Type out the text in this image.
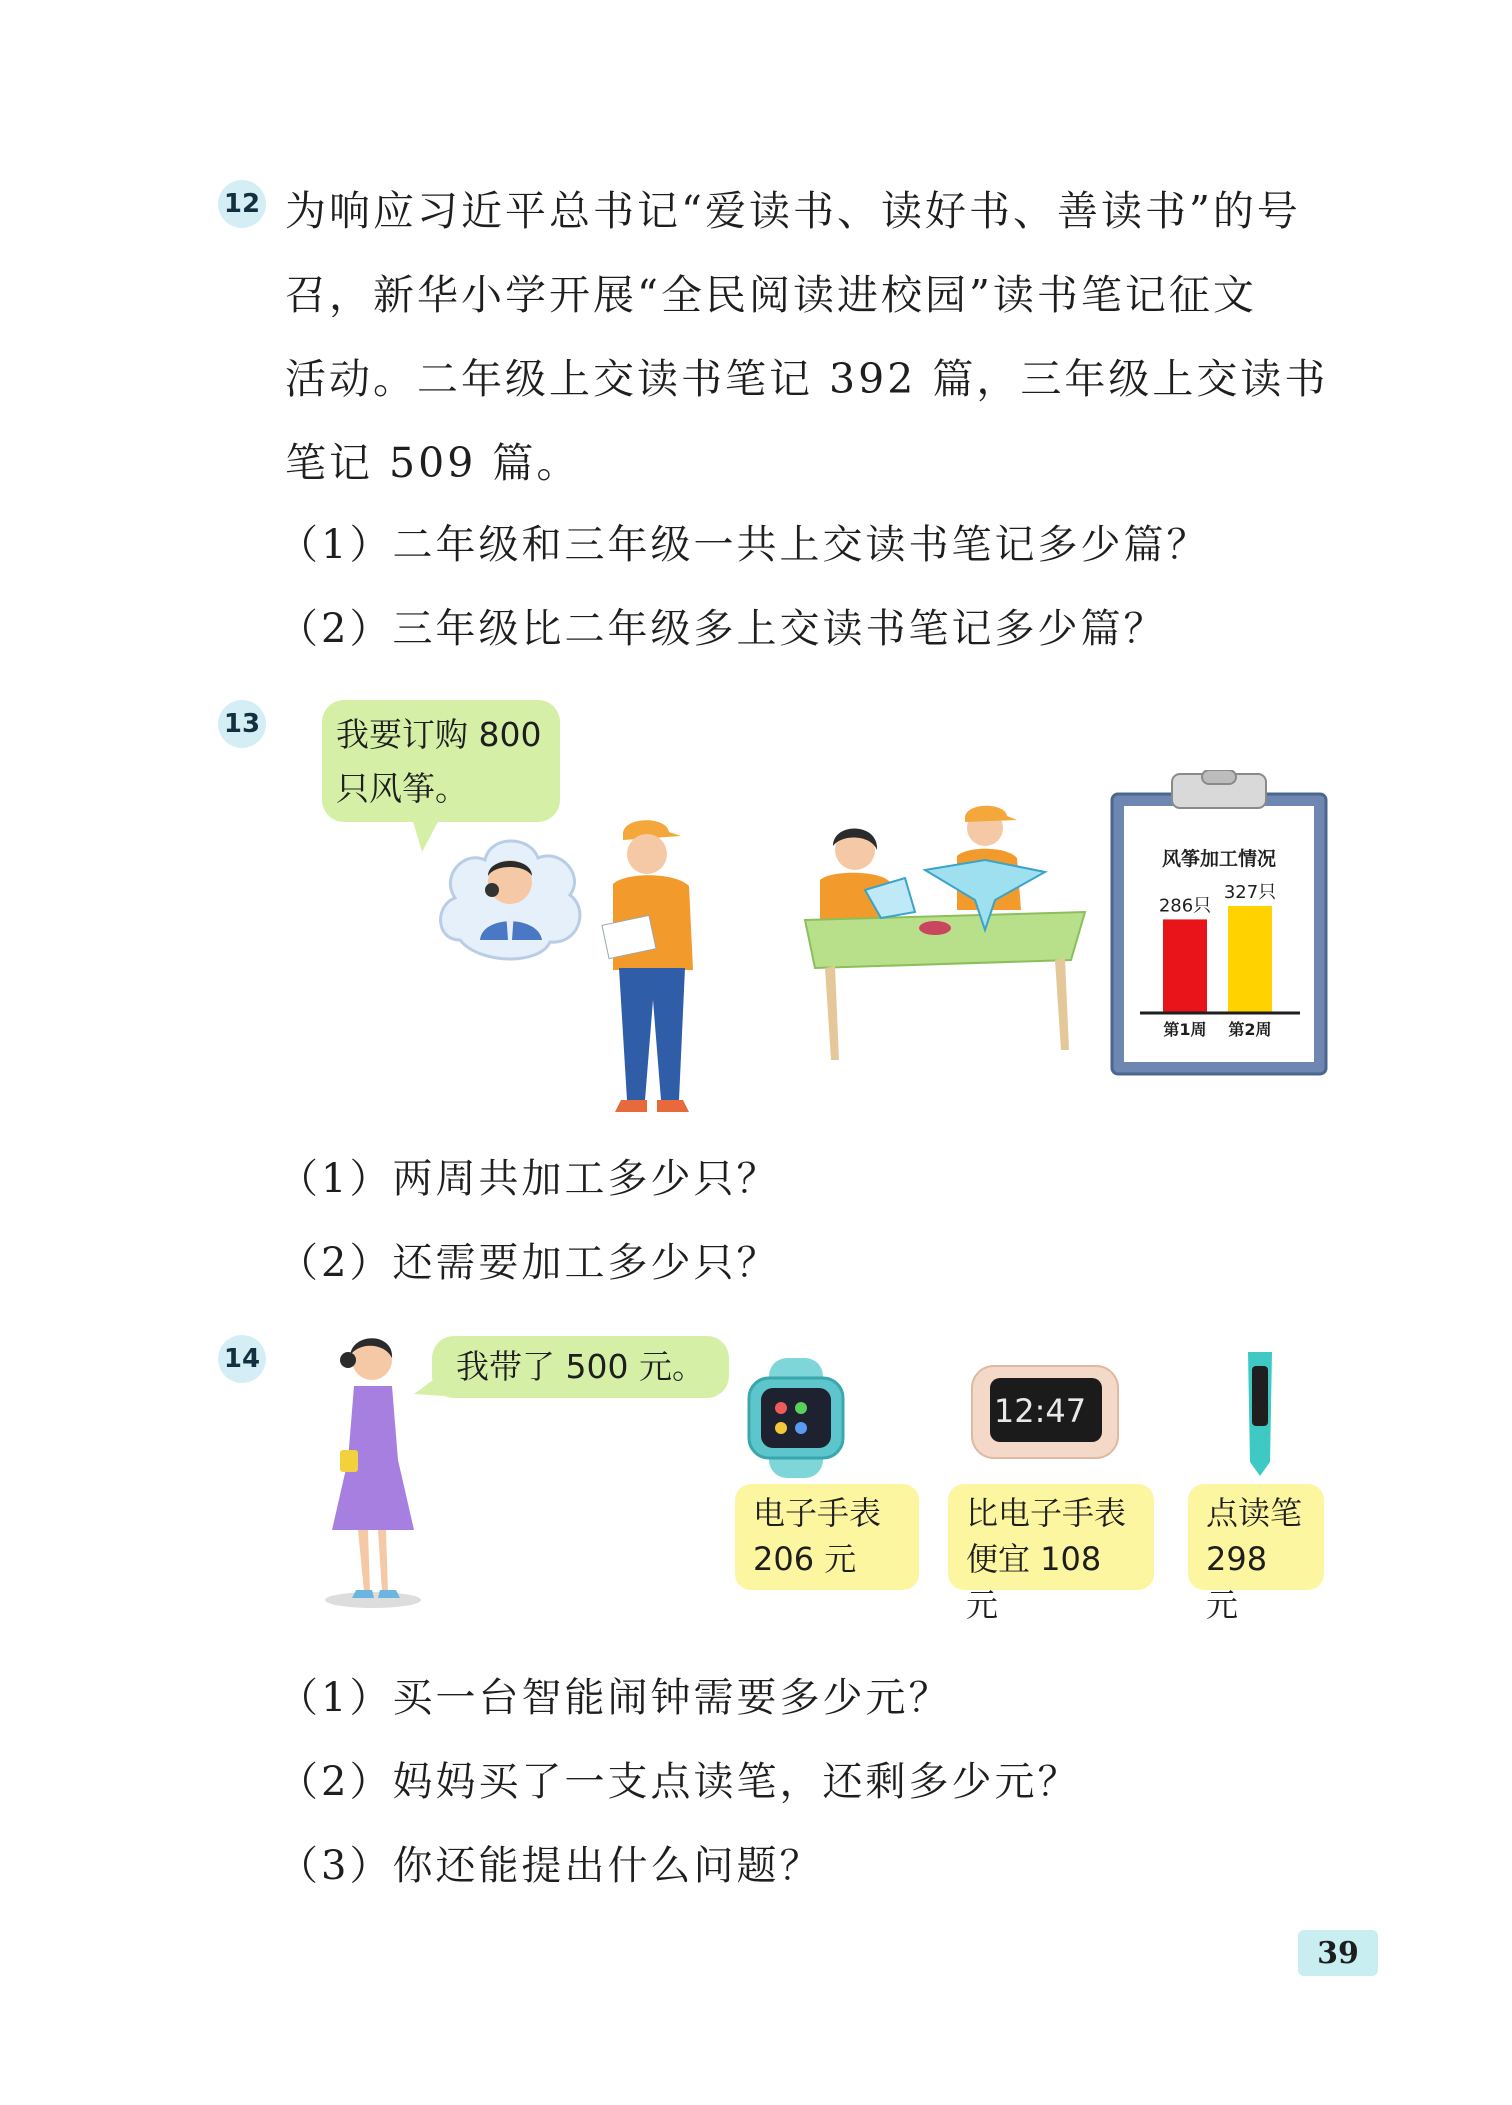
12 为响应习近平总书记“爱读书、读好书、善读书”的号
召，新华小学开展“全民阅读进校园”读书笔记征文
活动。二年级上交读书笔记 392 篇，三年级上交读书
笔记 509 篇。
（1）二年级和三年级一共上交读书笔记多少篇？
（2）三年级比二年级多上交读书笔记多少篇？
13 我要订购 800
只风筝。
风筝加工情况
286只
第1周
327只
第2周
（1）两周共加工多少只？
（2）还需要加工多少只？
14	我带了 500 元。
12:47
电子手表
206 元
比电子手表
便宜 108 元
点读笔
298 元
（1）买一台智能闹钟需要多少元？
（2）妈妈买了一支点读笔，还剩多少元？
（3）你还能提出什么问题？
39
